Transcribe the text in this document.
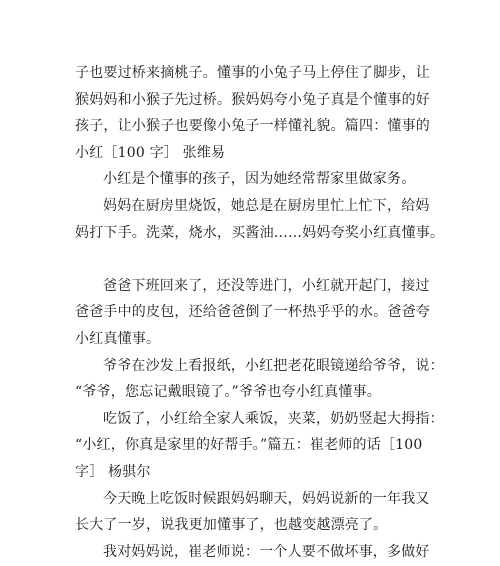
子也要过桥来摘桃子。懂事的小兔子马上停住了脚步，让
猴妈妈和小猴子先过桥。猴妈妈夸小兔子真是个懂事的好
孩子，让小猴子也要像小兔子一样懂礼貌。篇四：懂事的
小红［100 字］ 张维易
小红是个懂事的孩子，因为她经常帮家里做家务。
妈妈在厨房里烧饭，她总是在厨房里忙上忙下，给妈
妈打下手。洗菜，烧水，买酱油……妈妈夸奖小红真懂事。
爸爸下班回来了，还没等进门，小红就开起门，接过
爸爸手中的皮包，还给爸爸倒了一杯热乎乎的水。爸爸夸
小红真懂事。
爷爷在沙发上看报纸，小红把老花眼镜递给爷爷，说：
“爷爷，您忘记戴眼镜了。”爷爷也夸小红真懂事。
吃饭了，小红给全家人乘饭，夹菜，奶奶竖起大拇指：
“小红，你真是家里的好帮手。”篇五：崔老师的话［100
字］ 杨骐尔
今天晚上吃饭时候跟妈妈聊天，妈妈说新的一年我又
长大了一岁，说我更加懂事了，也越变越漂亮了。
我对妈妈说，崔老师说：一个人要不做坏事，多做好
